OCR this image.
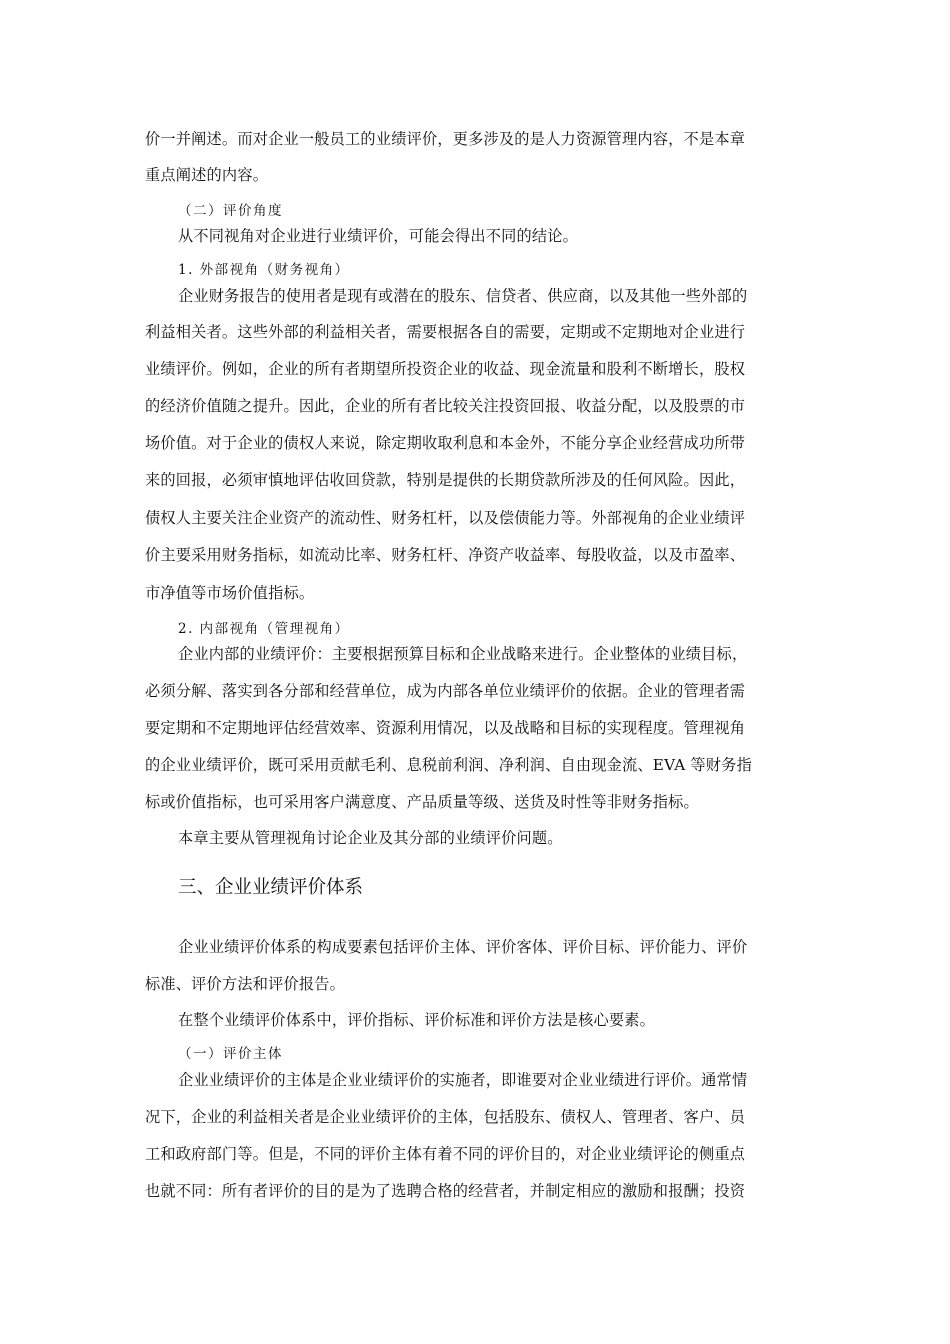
价一并阐述。而对企业一般员工的业绩评价，更多涉及的是人力资源管理内容，不是本章
重点阐述的内容。
（二）评价角度
从不同视角对企业进行业绩评价，可能会得出不同的结论。
1. 外部视角（财务视角）
企业财务报告的使用者是现有或潜在的股东、信贷者、供应商，以及其他一些外部的
利益相关者。这些外部的利益相关者，需要根据各自的需要，定期或不定期地对企业进行
业绩评价。例如，企业的所有者期望所投资企业的收益、现金流量和股利不断增长，股权
的经济价值随之提升。因此，企业的所有者比较关注投资回报、收益分配，以及股票的市
场价值。对于企业的债权人来说，除定期收取利息和本金外，不能分享企业经营成功所带
来的回报，必须审慎地评估收回贷款，特别是提供的长期贷款所涉及的任何风险。因此，
债权人主要关注企业资产的流动性、财务杠杆，以及偿债能力等。外部视角的企业业绩评
价主要采用财务指标，如流动比率、财务杠杆、净资产收益率、每股收益，以及市盈率、
市净值等市场价值指标。
2. 内部视角（管理视角）
企业内部的业绩评价：主要根据预算目标和企业战略来进行。企业整体的业绩目标，
必须分解、落实到各分部和经营单位，成为内部各单位业绩评价的依据。企业的管理者需
要定期和不定期地评估经营效率、资源利用情况，以及战略和目标的实现程度。管理视角
的企业业绩评价，既可采用贡献毛利、息税前利润、净利润、自由现金流、EVA 等财务指
标或价值指标，也可采用客户满意度、产品质量等级、送货及时性等非财务指标。
本章主要从管理视角讨论企业及其分部的业绩评价问题。
三、企业业绩评价体系
企业业绩评价体系的构成要素包括评价主体、评价客体、评价目标、评价能力、评价
标准、评价方法和评价报告。
在整个业绩评价体系中，评价指标、评价标准和评价方法是核心要素。
（一）评价主体
企业业绩评价的主体是企业业绩评价的实施者，即谁要对企业业绩进行评价。通常情
况下，企业的利益相关者是企业业绩评价的主体，包括股东、债权人、管理者、客户、员
工和政府部门等。但是，不同的评价主体有着不同的评价目的，对企业业绩评论的侧重点
也就不同：所有者评价的目的是为了选聘合格的经营者，并制定相应的激励和报酬；投资
